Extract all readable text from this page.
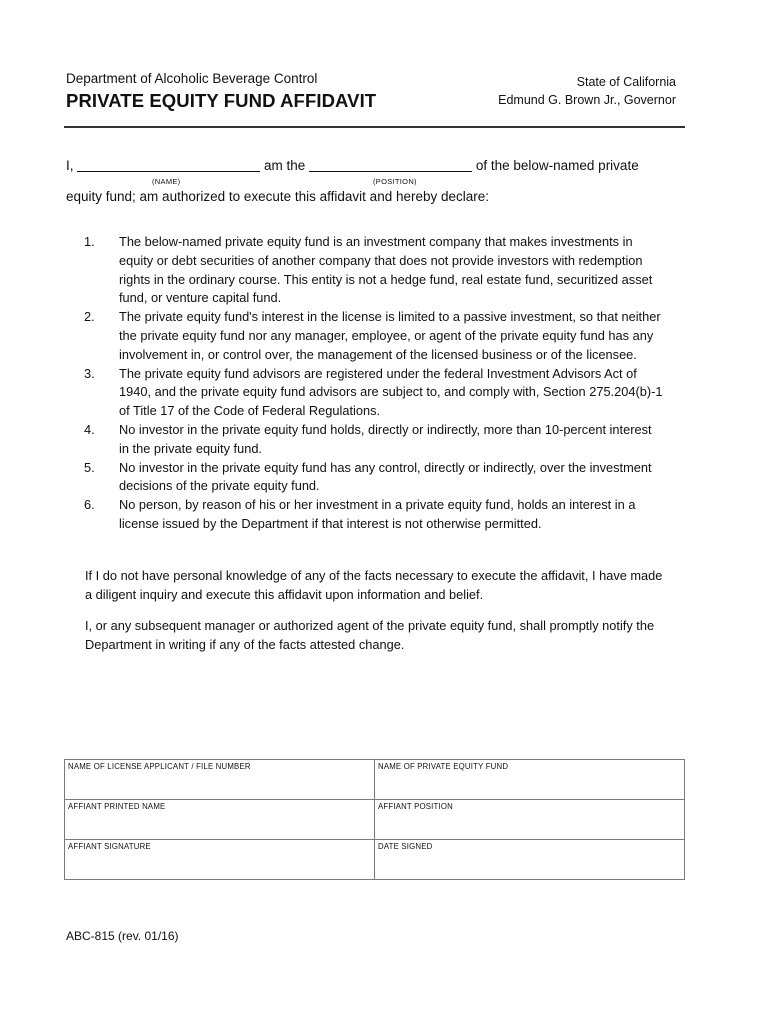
Department of Alcoholic Beverage Control
PRIVATE EQUITY FUND AFFIDAVIT
State of California
Edmund G. Brown Jr., Governor
I,	am the	of the below-named private
(NAME)	(POSITION)
equity fund; am authorized to execute this affidavit and hereby declare:
1. The below-named private equity fund is an investment company that makes investments in equity or debt securities of another company that does not provide investors with redemption rights in the ordinary course. This entity is not a hedge fund, real estate fund, securitized asset fund, or venture capital fund.
2. The private equity fund's interest in the license is limited to a passive investment, so that neither the private equity fund nor any manager, employee, or agent of the private equity fund has any involvement in, or control over, the management of the licensed business or of the licensee.
3. The private equity fund advisors are registered under the federal Investment Advisors Act of 1940, and the private equity fund advisors are subject to, and comply with, Section 275.204(b)-1 of Title 17 of the Code of Federal Regulations.
4. No investor in the private equity fund holds, directly or indirectly, more than 10-percent interest in the private equity fund.
5. No investor in the private equity fund has any control, directly or indirectly, over the investment decisions of the private equity fund.
6. No person, by reason of his or her investment in a private equity fund, holds an interest in a license issued by the Department if that interest is not otherwise permitted.
If I do not have personal knowledge of any of the facts necessary to execute the affidavit, I have made a diligent inquiry and execute this affidavit upon information and belief.
I, or any subsequent manager or authorized agent of the private equity fund, shall promptly notify the Department in writing if any of the facts attested change.
NAME OF LICENSE APPLICANT / FILE NUMBER	NAME OF PRIVATE EQUITY FUND
AFFIANT PRINTED NAME	AFFIANT POSITION
AFFIANT SIGNATURE	DATE SIGNED
ABC-815 (rev. 01/16)
